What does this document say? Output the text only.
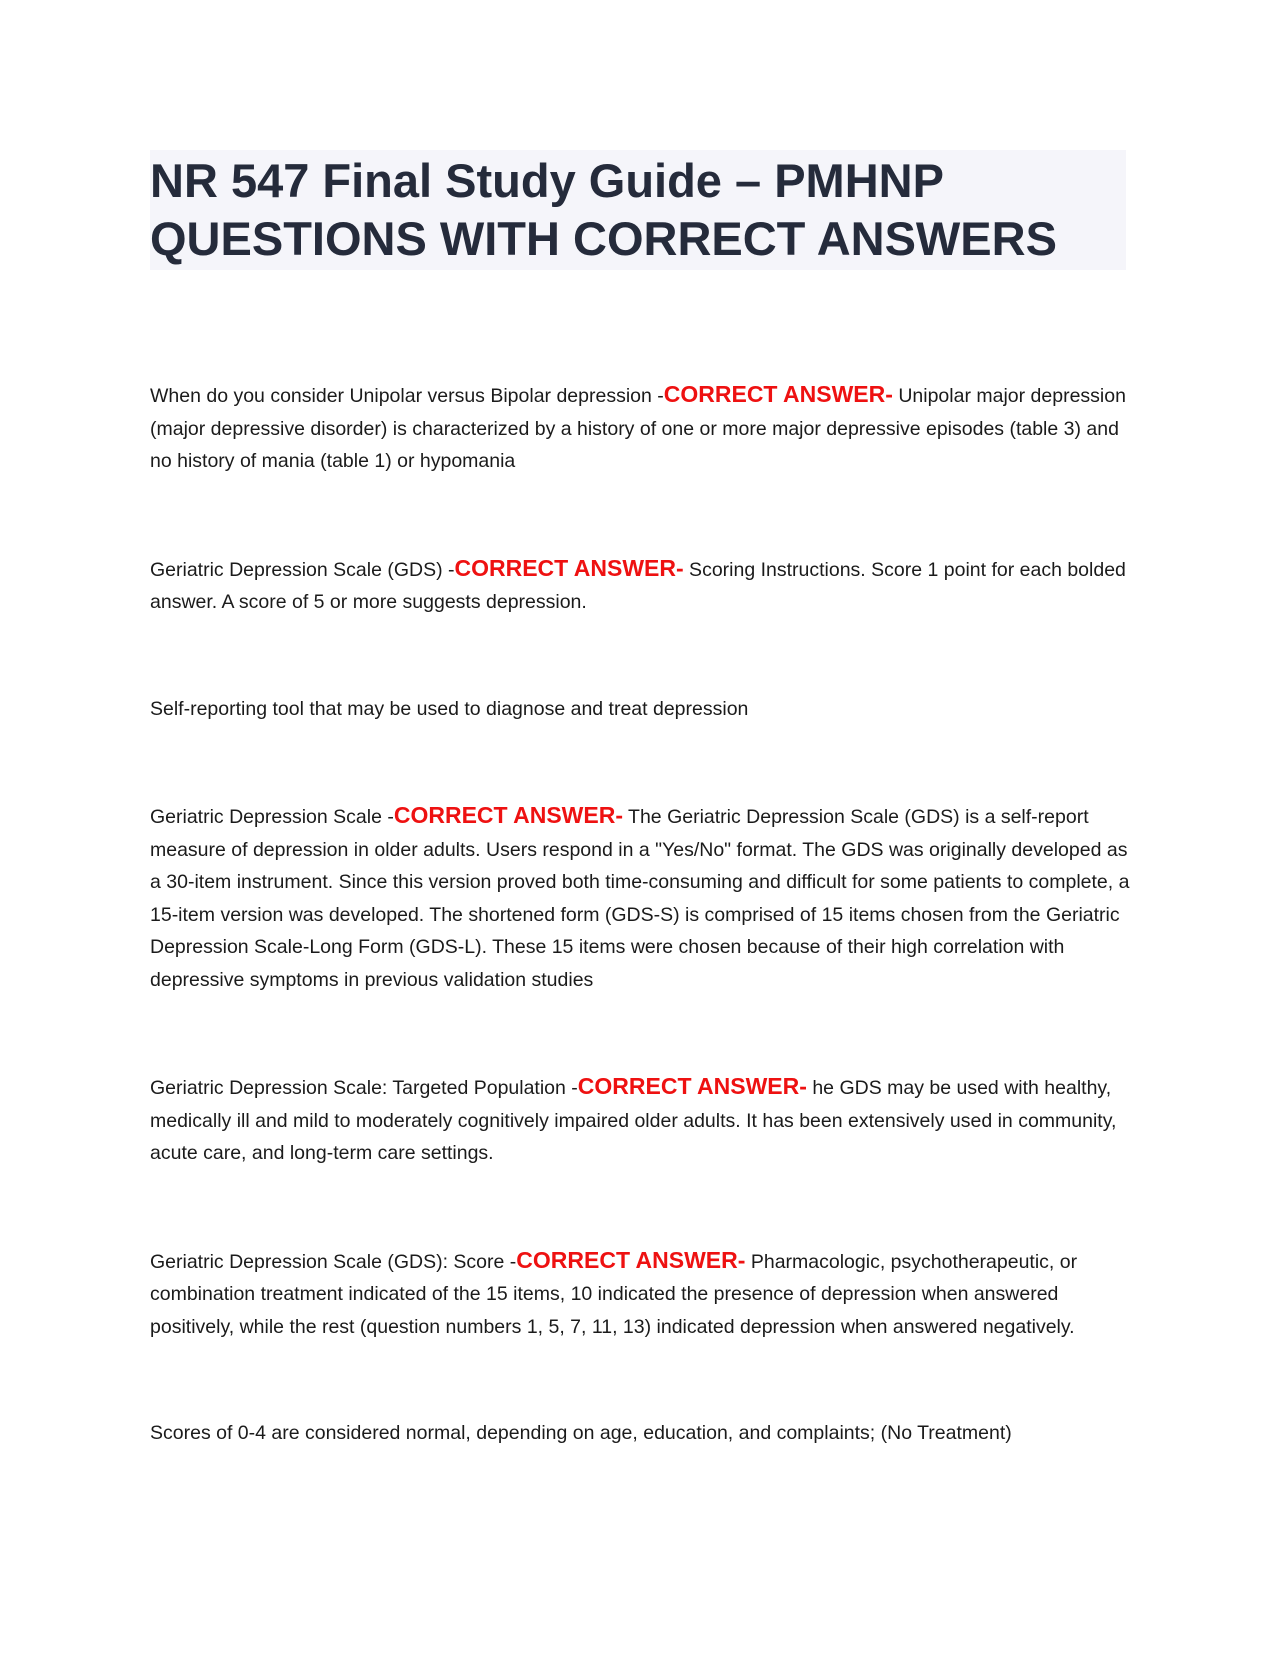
NR 547 Final Study Guide – PMHNP
QUESTIONS WITH CORRECT ANSWERS

When do you consider Unipolar versus Bipolar depression -CORRECT ANSWER- Unipolar major depression (major depressive disorder) is characterized by a history of one or more major depressive episodes (table 3) and no history of mania (table 1) or hypomania

Geriatric Depression Scale (GDS) -CORRECT ANSWER- Scoring Instructions. Score 1 point for each bolded answer. A score of 5 or more suggests depression.

Self-reporting tool that may be used to diagnose and treat depression

Geriatric Depression Scale -CORRECT ANSWER- The Geriatric Depression Scale (GDS) is a self-report measure of depression in older adults. Users respond in a "Yes/No" format. The GDS was originally developed as a 30-item instrument. Since this version proved both time-consuming and difficult for some patients to complete, a 15-item version was developed. The shortened form (GDS-S) is comprised of 15 items chosen from the Geriatric Depression Scale-Long Form (GDS-L). These 15 items were chosen because of their high correlation with depressive symptoms in previous validation studies

Geriatric Depression Scale: Targeted Population -CORRECT ANSWER- he GDS may be used with healthy, medically ill and mild to moderately cognitively impaired older adults. It has been extensively used in community, acute care, and long-term care settings.

Geriatric Depression Scale (GDS): Score -CORRECT ANSWER- Pharmacologic, psychotherapeutic, or combination treatment indicated of the 15 items, 10 indicated the presence of depression when answered positively, while the rest (question numbers 1, 5, 7, 11, 13) indicated depression when answered negatively.

Scores of 0-4 are considered normal, depending on age, education, and complaints; (No Treatment)
